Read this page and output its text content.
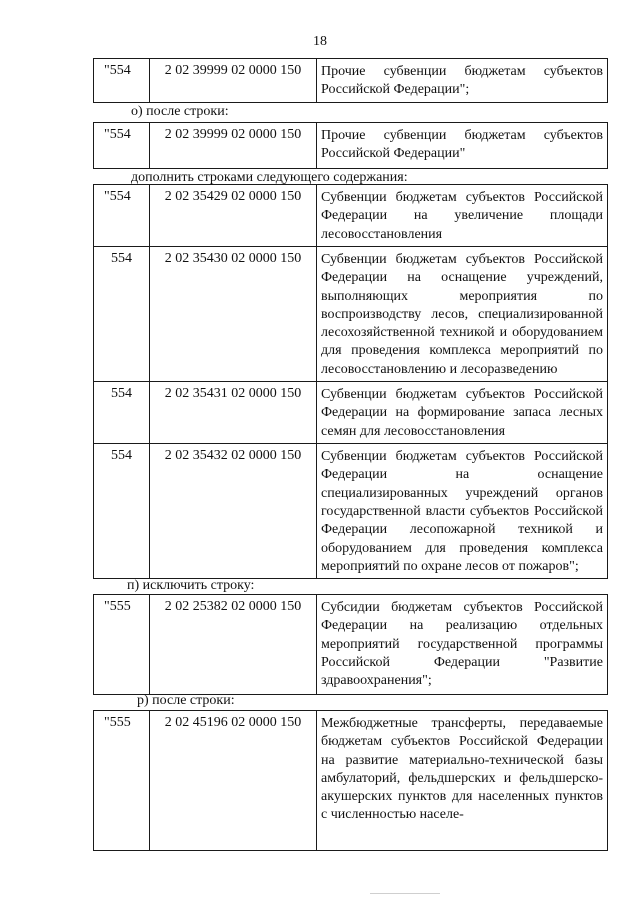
18
"554	2 02 39999 02 0000 150	Прочие субвенции бюджетам субъектов Российской Федерации";
о) после строки:
"554	2 02 39999 02 0000 150	Прочие субвенции бюджетам субъектов Российской Федерации"
дополнить строками следующего содержания:
"554	2 02 35429 02 0000 150	Субвенции бюджетам субъектов Российской Федерации на увеличение площади лесовосстановления
554	2 02 35430 02 0000 150	Субвенции бюджетам субъектов Российской Федерации на оснащение учреждений, выполняющих мероприятия по воспроизводству лесов, специализированной лесохозяйственной техникой и оборудованием для проведения комплекса мероприятий по лесовосстановлению и лесоразведению
554	2 02 35431 02 0000 150	Субвенции бюджетам субъектов Российской Федерации на формирование запаса лесных семян для лесовосстановления
554	2 02 35432 02 0000 150	Субвенции бюджетам субъектов Российской Федерации на оснащение специализированных учреждений органов государственной власти субъектов Российской Федерации лесопожарной техникой и оборудованием для проведения комплекса мероприятий по охране лесов от пожаров";
п) исключить строку:
"555	2 02 25382 02 0000 150	Субсидии бюджетам субъектов Российской Федерации на реализацию отдельных мероприятий государственной программы Российской Федерации "Развитие здравоохранения";
р) после строки:
"555	2 02 45196 02 0000 150	Межбюджетные трансферты, передаваемые бюджетам субъектов Российской Федерации на развитие материально-технической базы амбулаторий, фельдшерских и фельдшерско-акушерских пунктов для населенных пунктов с численностью населе-
